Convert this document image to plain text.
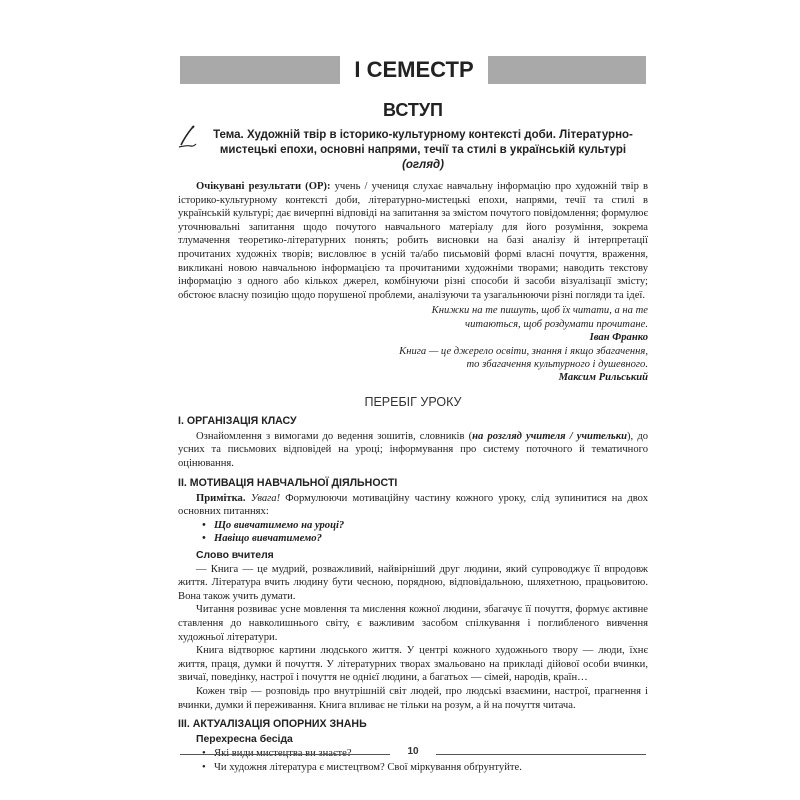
І СЕМЕСТР
ВСТУП
Тема. Художній твір в історико-культурному контексті доби. Літературно-мистецькі епохи, основні напрями, течії та стилі в українській культурі (огляд)

Очікувані результати (ОР): учень / учениця слухає навчальну інформацію про художній твір в історико-культурному контексті доби, літературно-мистецькі епохи, напрями, течії та стилі в українській культурі; дає вичерпні відповіді на запитання за змістом почутого повідомлення; формулює уточнювальні запитання щодо почутого навчального матеріалу для його розуміння, зокрема тлумачення теоретико-літературних понять; робить висновки на базі аналізу й інтерпретації прочитаних художніх творів; висловлює в усній та/або письмовій формі власні почуття, враження, викликані новою навчальною інформацією та прочитаними художніми творами; наводить текстову інформацію з одного або кількох джерел, комбінуючи різні способи й засоби візуалізації змісту; обстоює власну позицію щодо порушеної проблеми, аналізуючи та узагальнюючи різні погляди та ідеї.

Книжки на те пишуть, щоб їх читати, а на те
читаються, щоб роздумати прочитане.
Іван Франко
Книга — це джерело освіти, знання і якщо збагачення,
то збагачення культурного і душевного.
Максим Рильський
ПЕРЕБІГ УРОКУ
I. ОРГАНІЗАЦІЯ КЛАСУ

Ознайомлення з вимогами до ведення зошитів, словників (на розгляд учителя / учительки), до усних та письмових відповідей на уроці; інформування про систему поточного й тематичного оцінювання.

II. МОТИВАЦІЯ НАВЧАЛЬНОЇ ДІЯЛЬНОСТІ

Примітка. Увага! Формулюючи мотиваційну частину кожного уроку, слід зупинитися на двох основних питаннях:

• Що вивчатимемо на уроці?
• Навіщо вивчатимемо?
Слово вчителя

— Книга — це мудрий, розважливий, найвірніший друг людини, який супроводжує її впродовж життя. Література вчить людину бути чесною, порядною, відповідальною, шляхетною, працьовитою. Вона також учить думати.

Читання розвиває усне мовлення та мислення кожної людини, збагачує її почуття, формує активне ставлення до навколишнього світу, є важливим засобом спілкування і поглибленого вивчення художньої літератури.

Книга відтворює картини людського життя. У центрі кожного художнього твору — люди, їхнє життя, праця, думки й почуття. У літературних творах змальовано на прикладі дійової особи вчинки, звичаї, поведінку, настрої і почуття не однієї людини, а багатьох — сімей, народів, країн…

Кожен твір — розповідь про внутрішній світ людей, про людські взаємини, настрої, прагнення і вчинки, думки й переживання. Книга впливає не тільки на розум, а й на почуття читача.

III. АКТУАЛІЗАЦІЯ ОПОРНИХ ЗНАНЬ
Перехресна бесіда
•
• Чи художня література є мистецтвом? Свої міркування обґрунтуйте.
10
